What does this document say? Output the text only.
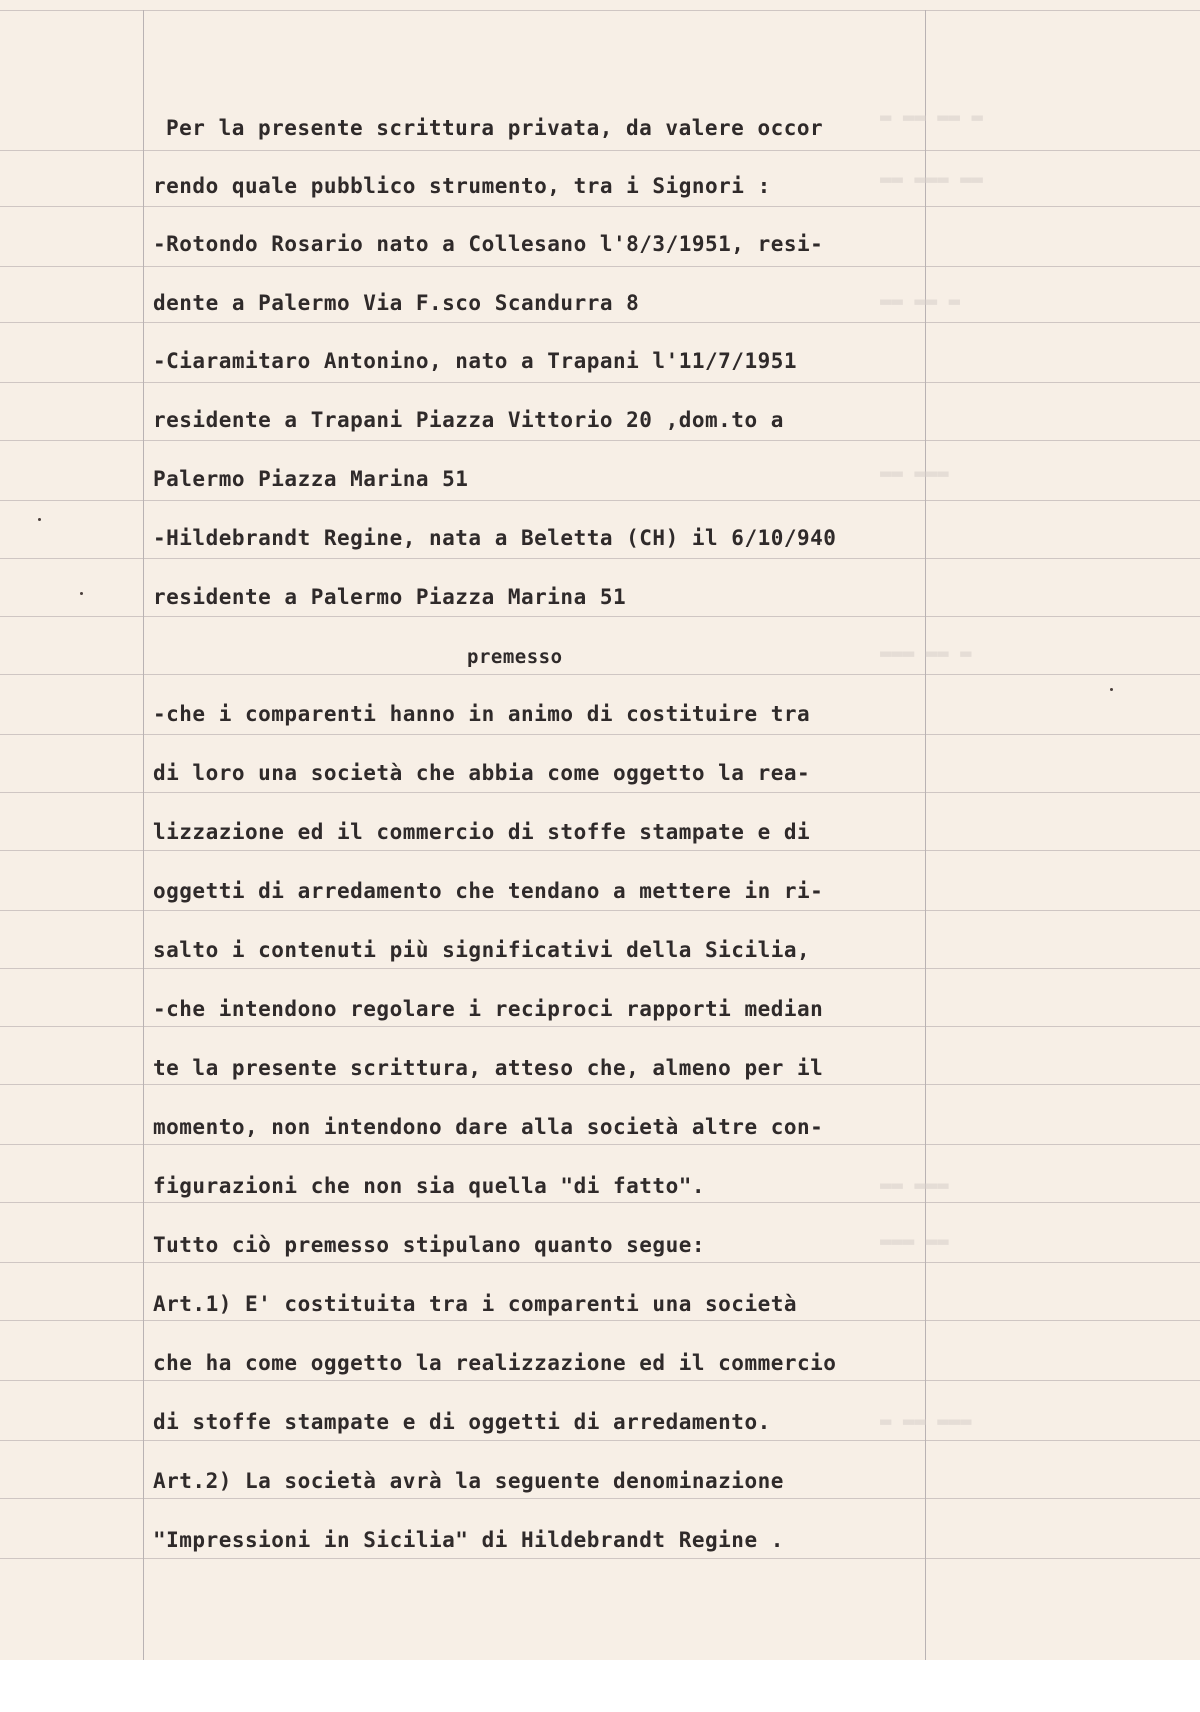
▬ ▬▬ ▬▬ ▬
▬▬ ▬▬▬ ▬▬
▬▬ ▬▬ ▬
▬▬ ▬▬▬
▬▬▬ ▬▬ ▬
▬▬ ▬▬▬
▬▬▬ ▬▬
▬ ▬▬ ▬▬▬
Per la presente scrittura privata, da valere occor
rendo quale pubblico strumento, tra i Signori :
-Rotondo Rosario nato a Collesano l'8/3/1951, resi-
dente a Palermo Via F.sco Scandurra 8
-Ciaramitaro Antonino, nato a Trapani l'11/7/1951
residente a Trapani Piazza Vittorio 20 ,dom.to a
Palermo Piazza Marina 51
-Hildebrandt Regine, nata a Beletta (CH) il 6/10/940
residente a Palermo Piazza Marina 51
premesso
-che i comparenti hanno in animo di costituire tra
di loro una società che abbia come oggetto la rea-
lizzazione ed il commercio di stoffe stampate e di
oggetti di arredamento che tendano a mettere in ri-
salto i contenuti più significativi della Sicilia,
-che intendono regolare i reciproci rapporti median
te la presente scrittura, atteso che, almeno per il
momento, non intendono dare alla società altre con-
figurazioni che non sia quella "di fatto".
Tutto ciò premesso stipulano quanto segue:
Art.1) E' costituita tra i comparenti una società
che ha come oggetto la realizzazione ed il commercio
di stoffe stampate e di oggetti di arredamento.
Art.2) La società avrà la seguente denominazione
"Impressioni in Sicilia" di Hildebrandt Regine .
